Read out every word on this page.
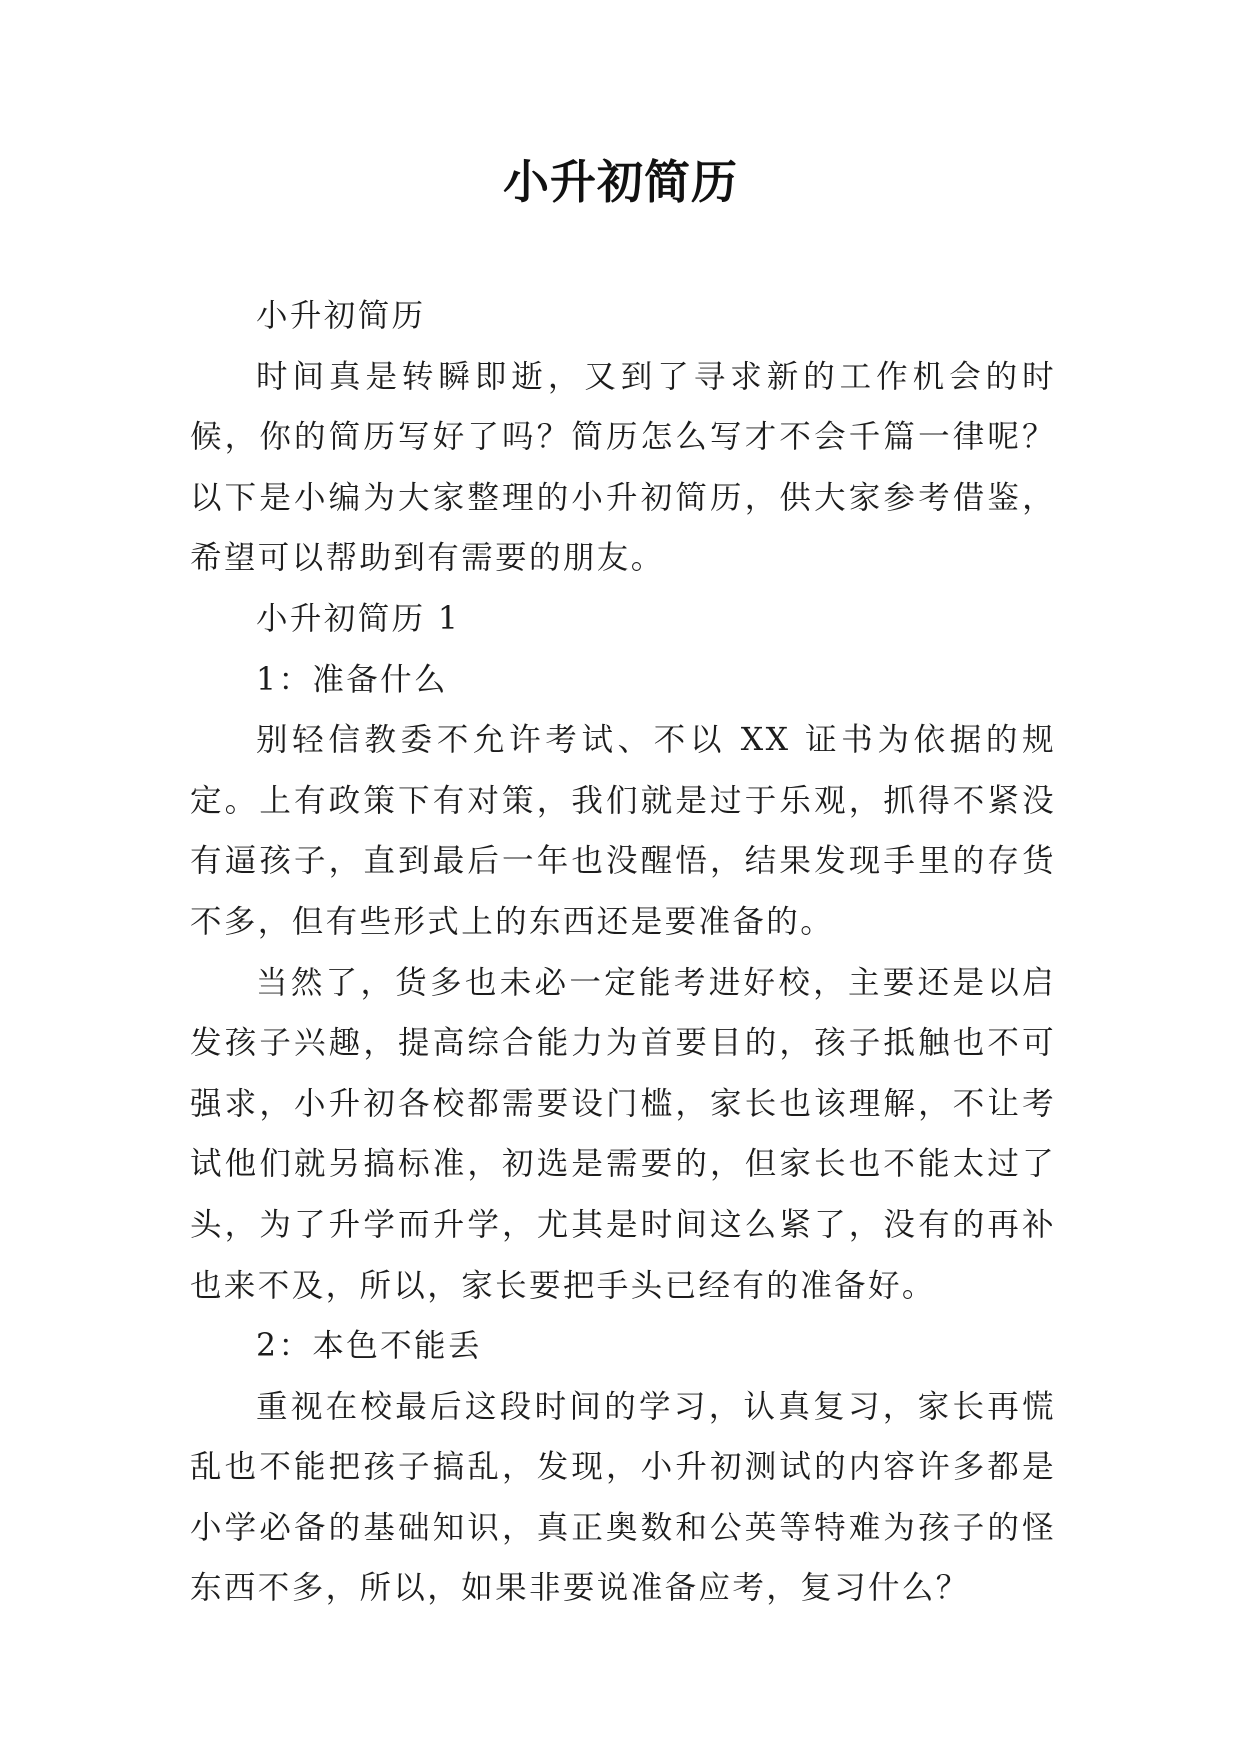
小升初简历

小升初简历

时间真是转瞬即逝，又到了寻求新的工作机会的时候，你的简历写好了吗？简历怎么写才不会千篇一律呢？以下是小编为大家整理的小升初简历，供大家参考借鉴，希望可以帮助到有需要的朋友。

小升初简历 1

1：准备什么

别轻信教委不允许考试、不以 XX 证书为依据的规定。上有政策下有对策，我们就是过于乐观，抓得不紧没有逼孩子，直到最后一年也没醒悟，结果发现手里的存货不多，但有些形式上的东西还是要准备的。

当然了，货多也未必一定能考进好校，主要还是以启发孩子兴趣，提高综合能力为首要目的，孩子抵触也不可强求，小升初各校都需要设门槛，家长也该理解，不让考试他们就另搞标准，初选是需要的，但家长也不能太过了头，为了升学而升学，尤其是时间这么紧了，没有的再补也来不及，所以，家长要把手头已经有的准备好。

2：本色不能丢

重视在校最后这段时间的学习，认真复习，家长再慌乱也不能把孩子搞乱，发现，小升初测试的内容许多都是小学必备的基础知识，真正奥数和公英等特难为孩子的怪东西不多，所以，如果非要说准备应考，复习什么？
